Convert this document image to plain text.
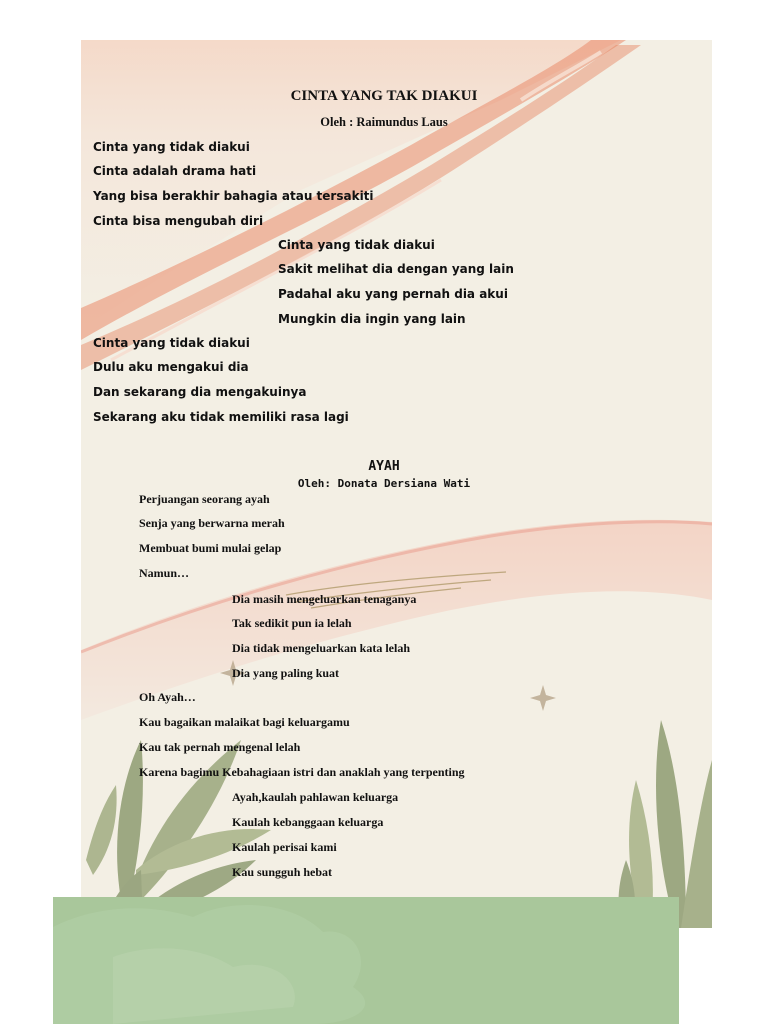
CINTA YANG TAK DIAKUI
Oleh : Raimundus Laus
Cinta yang tidak diakui
Cinta adalah drama hati
Yang bisa berakhir bahagia atau tersakiti
Cinta bisa mengubah diri
Cinta yang tidak diakui
Sakit melihat dia dengan yang lain
Padahal aku yang pernah dia akui
Mungkin dia ingin yang lain
Cinta yang tidak diakui
Dulu aku mengakui dia
Dan sekarang dia mengakuinya
Sekarang aku tidak memiliki rasa lagi
AYAH
Oleh: Donata Dersiana Wati
Perjuangan seorang ayah
Senja yang berwarna merah
Membuat bumi mulai gelap
Namun…
Dia masih mengeluarkan tenaganya
Tak sedikit pun ia lelah
Dia tidak mengeluarkan kata lelah
Dia yang paling kuat
Oh Ayah…
Kau bagaikan malaikat bagi keluargamu
Kau tak pernah mengenal lelah
Karena bagimu Kebahagiaan istri dan anaklah yang terpenting
Ayah,kaulah pahlawan keluarga
Kaulah kebanggaan keluarga
Kaulah perisai kami
Kau sungguh hebat
